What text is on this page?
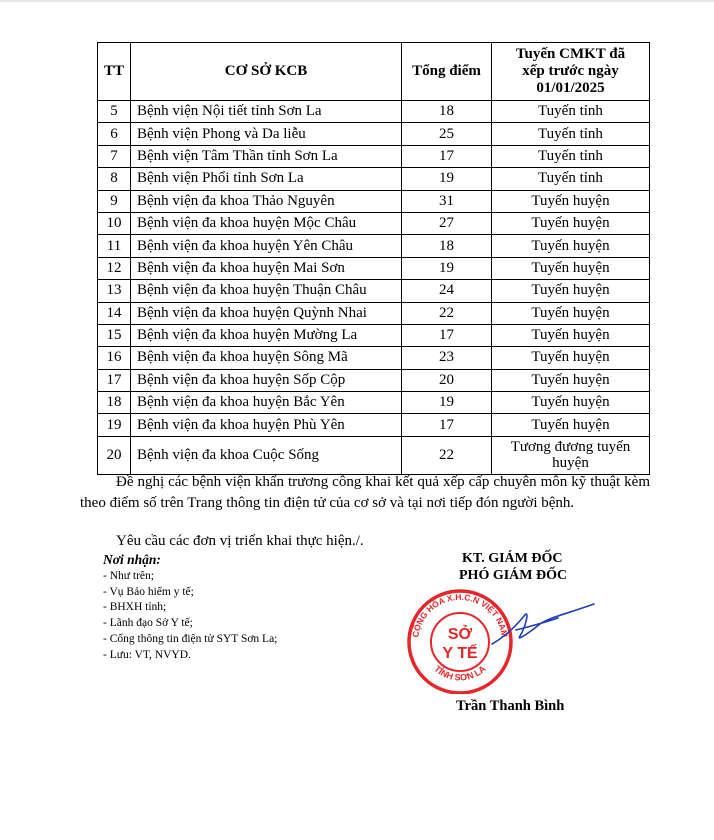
TT	CƠ SỞ KCB	Tổng điểm	Tuyến CMKT đã
xếp trước ngày
01/01/2025

5	Bệnh viện Nội tiết tỉnh Sơn La	18	Tuyến tỉnh
6	Bệnh viện Phong và Da liễu	25	Tuyến tỉnh
7	Bệnh viện Tâm Thần tỉnh Sơn La	17	Tuyến tỉnh
8	Bệnh viện Phổi tỉnh Sơn La	19	Tuyến tỉnh
9	Bệnh viện đa khoa Thảo Nguyên	31	Tuyến huyện
10	Bệnh viện đa khoa huyện Mộc Châu	27	Tuyến huyện
11	Bệnh viện đa khoa huyện Yên Châu	18	Tuyến huyện
12	Bệnh viện đa khoa huyện Mai Sơn	19	Tuyến huyện
13	Bệnh viện đa khoa huyện Thuận Châu	24	Tuyến huyện
14	Bệnh viện đa khoa huyện Quỳnh Nhai	22	Tuyến huyện
15	Bệnh viện đa khoa huyện Mường La	17	Tuyến huyện
16	Bệnh viện đa khoa huyện Sông Mã	23	Tuyến huyện
17	Bệnh viện đa khoa huyện Sốp Cộp	20	Tuyến huyện
18	Bệnh viện đa khoa huyện Bắc Yên	19	Tuyến huyện
19	Bệnh viện đa khoa huyện Phù Yên	17	Tuyến huyện
20	Bệnh viện đa khoa Cuộc Sống	22	Tương đương tuyến
huyện
Đề nghị các bệnh viện khẩn trương công khai kết quả xếp cấp chuyên môn kỹ thuật kèm theo điểm số trên Trang thông tin điện tử của cơ sở và tại nơi tiếp đón người bệnh.
Yêu cầu các đơn vị triển khai thực hiện./.
Nơi nhận:
- Như trên;
- Vụ Bảo hiểm y tế;
- BHXH tỉnh;
- Lãnh đạo Sở Y tế;
- Cổng thông tin điện tử SYT Sơn La;
- Lưu: VT, NVYD.
KT. GIÁM ĐỐC
PHÓ GIÁM ĐỐC
CỘNG HÒA X.H.C.N VIỆT NAM
TỈNH SƠN LA
SỞ
Y TẾ
Trần Thanh Bình
